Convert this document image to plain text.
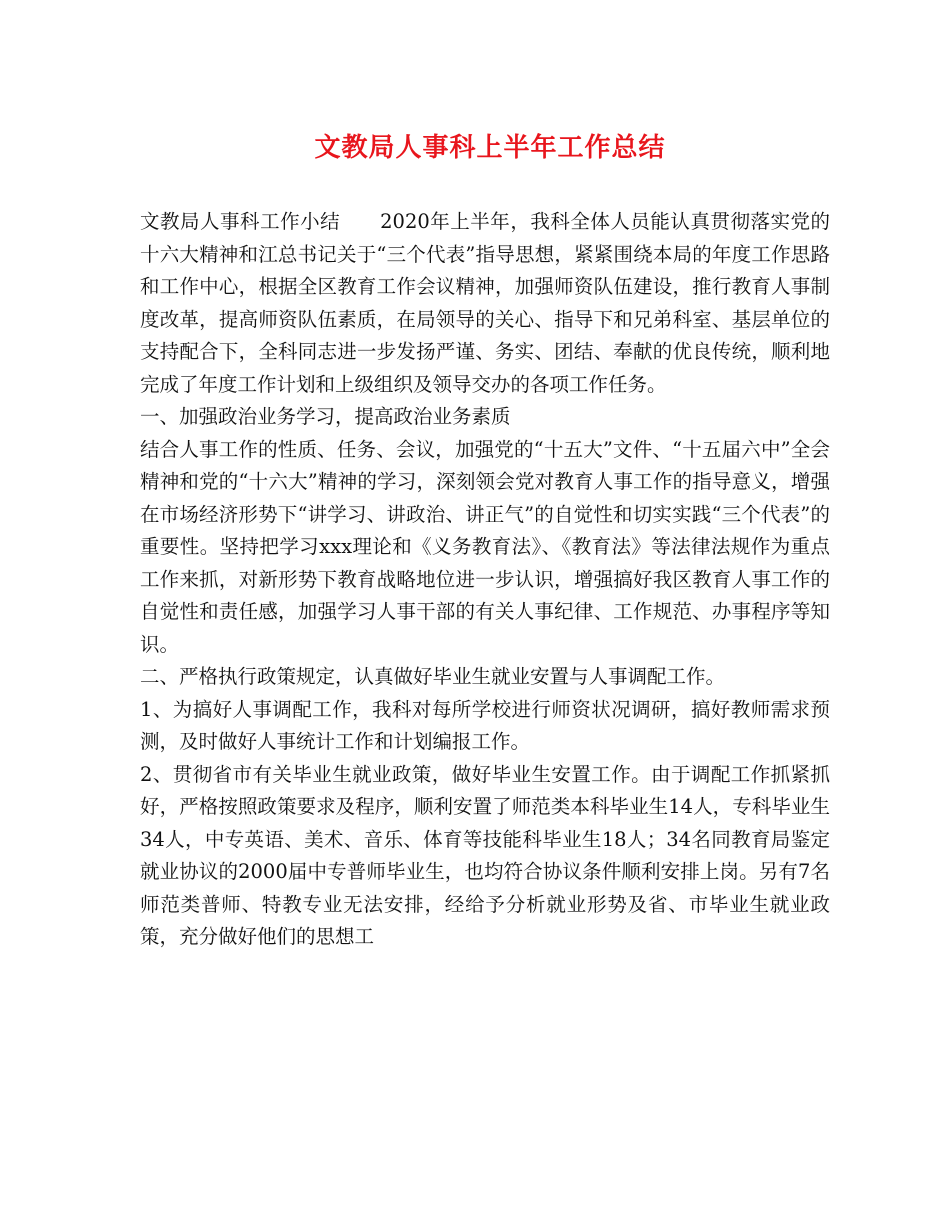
文教局人事科上半年工作总结

文教局人事科工作小结　　2020年上半年，我科全体人员能认真贯彻落实党的十六大精神和江总书记关于“三个代表”指导思想，紧紧围绕本局的年度工作思路和工作中心，根据全区教育工作会议精神，加强师资队伍建设，推行教育人事制度改革，提高师资队伍素质，在局领导的关心、指导下和兄弟科室、基层单位的支持配合下，全科同志进一步发扬严谨、务实、团结、奉献的优良传统，顺利地完成了年度工作计划和上级组织及领导交办的各项工作任务。

一、加强政治业务学习，提高政治业务素质

结合人事工作的性质、任务、会议，加强党的“十五大”文件、“十五届六中”全会精神和党的“十六大”精神的学习，深刻领会党对教育人事工作的指导意义，增强在市场经济形势下“讲学习、讲政治、讲正气”的自觉性和切实实践“三个代表”的重要性。坚持把学习xxx理论和《义务教育法》、《教育法》等法律法规作为重点工作来抓，对新形势下教育战略地位进一步认识，增强搞好我区教育人事工作的自觉性和责任感，加强学习人事干部的有关人事纪律、工作规范、办事程序等知识。

二、严格执行政策规定，认真做好毕业生就业安置与人事调配工作。

1、为搞好人事调配工作，我科对每所学校进行师资状况调研，搞好教师需求预测，及时做好人事统计工作和计划编报工作。

2、贯彻省市有关毕业生就业政策，做好毕业生安置工作。由于调配工作抓紧抓好，严格按照政策要求及程序，顺利安置了师范类本科毕业生14人，专科毕业生34人，中专英语、美术、音乐、体育等技能科毕业生18人；34名同教育局鉴定就业协议的2000届中专普师毕业生，也均符合协议条件顺利安排上岗。另有7名师范类普师、特教专业无法安排，经给予分析就业形势及省、市毕业生就业政策，充分做好他们的思想工
